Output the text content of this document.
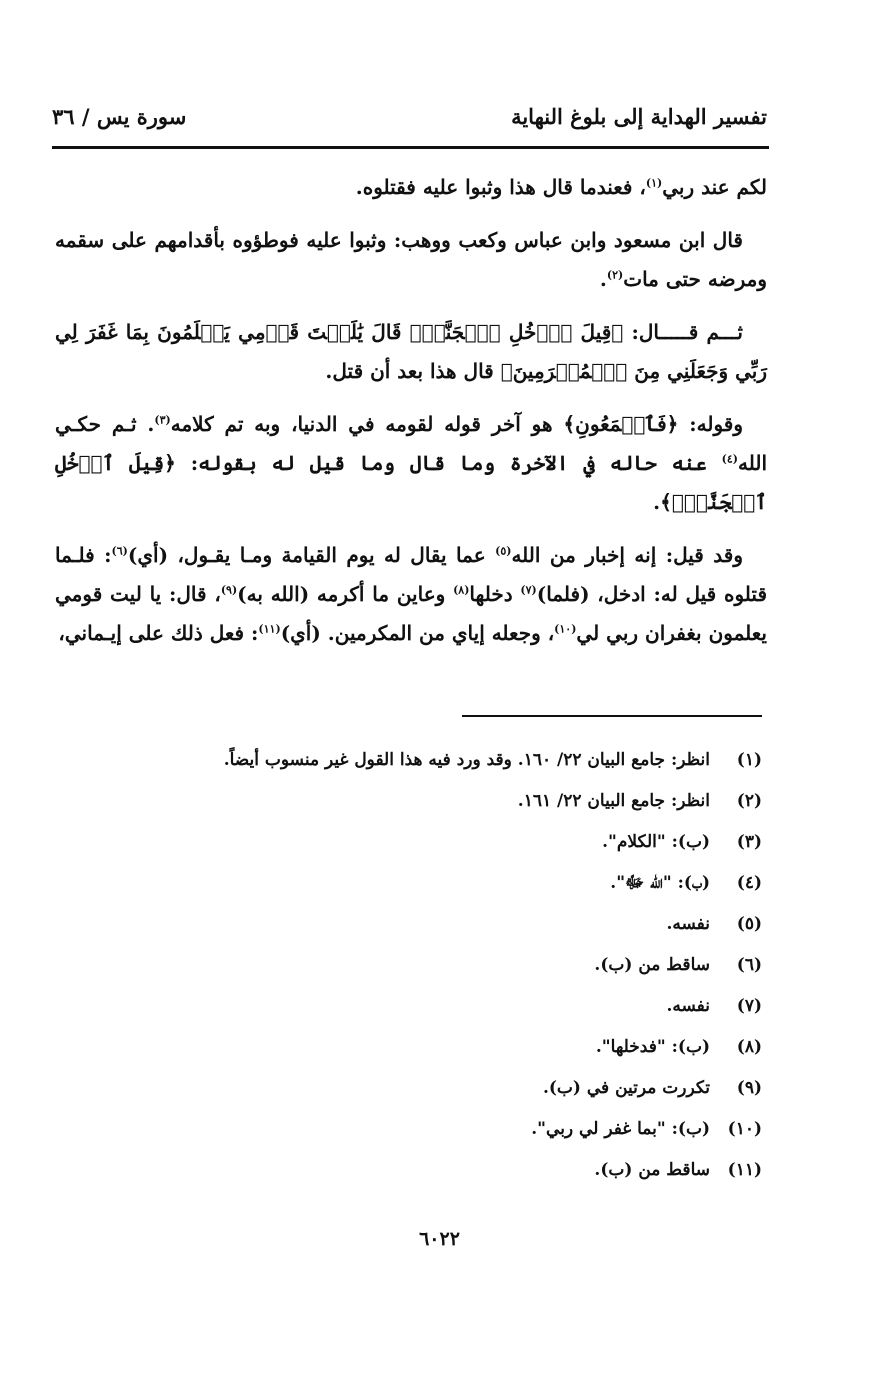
تفسير الهداية إلى بلوغ النهاية
سورة يس / ٣٦

لكم عند ربي$^{(١)}$، فعندما قال هذا وثبوا عليه فقتلوه.

قال ابن مسعود وابن عباس وكعب ووهب: وثبوا عليه فوطؤوه بأقدامهم على سقمه ومرضه حتى مات$^{(٢)}$.

ثـــم قـــــال: ﴿قِيلَ ٱدۡخُلِ ٱلۡجَنَّةَۖ قَالَ يَٰلَيۡتَ قَوۡمِي يَعۡلَمُونَ بِمَا غَفَرَ لِي رَبِّي وَجَعَلَنِي مِنَ ٱلۡمُكۡرَمِينَ﴾ قال هذا بعد أن قتل.

وقوله: ﴿فَٱسۡمَعُونِ﴾ هو آخر قوله لقومه في الدنيا، وبه تم كلامه$^{(٣)}$. ثـم حكـي الله$^{(٤)}$ عنه حاله في الآخرة وما قال وما قيل له بقوله: ﴿قِيلَ ٱدۡخُلِ ٱلۡجَنَّةَۖ﴾.

وقد قيل: إنه إخبار من الله$^{(٥)}$ عما يقال له يوم القيامة ومـا يقـول، (أي)$^{(٦)}$: فلـما قتلوه قيل له: ادخل، (فلما)$^{(٧)}$ دخلها$^{(٨)}$ وعاين ما أكرمه (الله به)$^{(٩)}$، قال: يا ليت قومي يعلمون بغفران ربي لي$^{(١٠)}$، وجعله إياي من المكرمين. (أي)$^{(١١)}$: فعل ذلك على إيـماني،

(١)انظر: جامع البيان ٢٢/ ١٦٠. وقد ورد فيه هذا القول غير منسوب أيضاً.
(٢)انظر: جامع البيان ٢٢/ ١٦١.
(٣)(ب): "الكلام".
(٤)(ب): "الله ﷻ".
(٥)نفسه.
(٦)ساقط من (ب).
(٧)نفسه.
(٨)(ب): "فدخلها".
(٩)تكررت مرتين في (ب).
(١٠)(ب): "بما غفر لي ربي".
(١١)ساقط من (ب).
٦٠٢٢
